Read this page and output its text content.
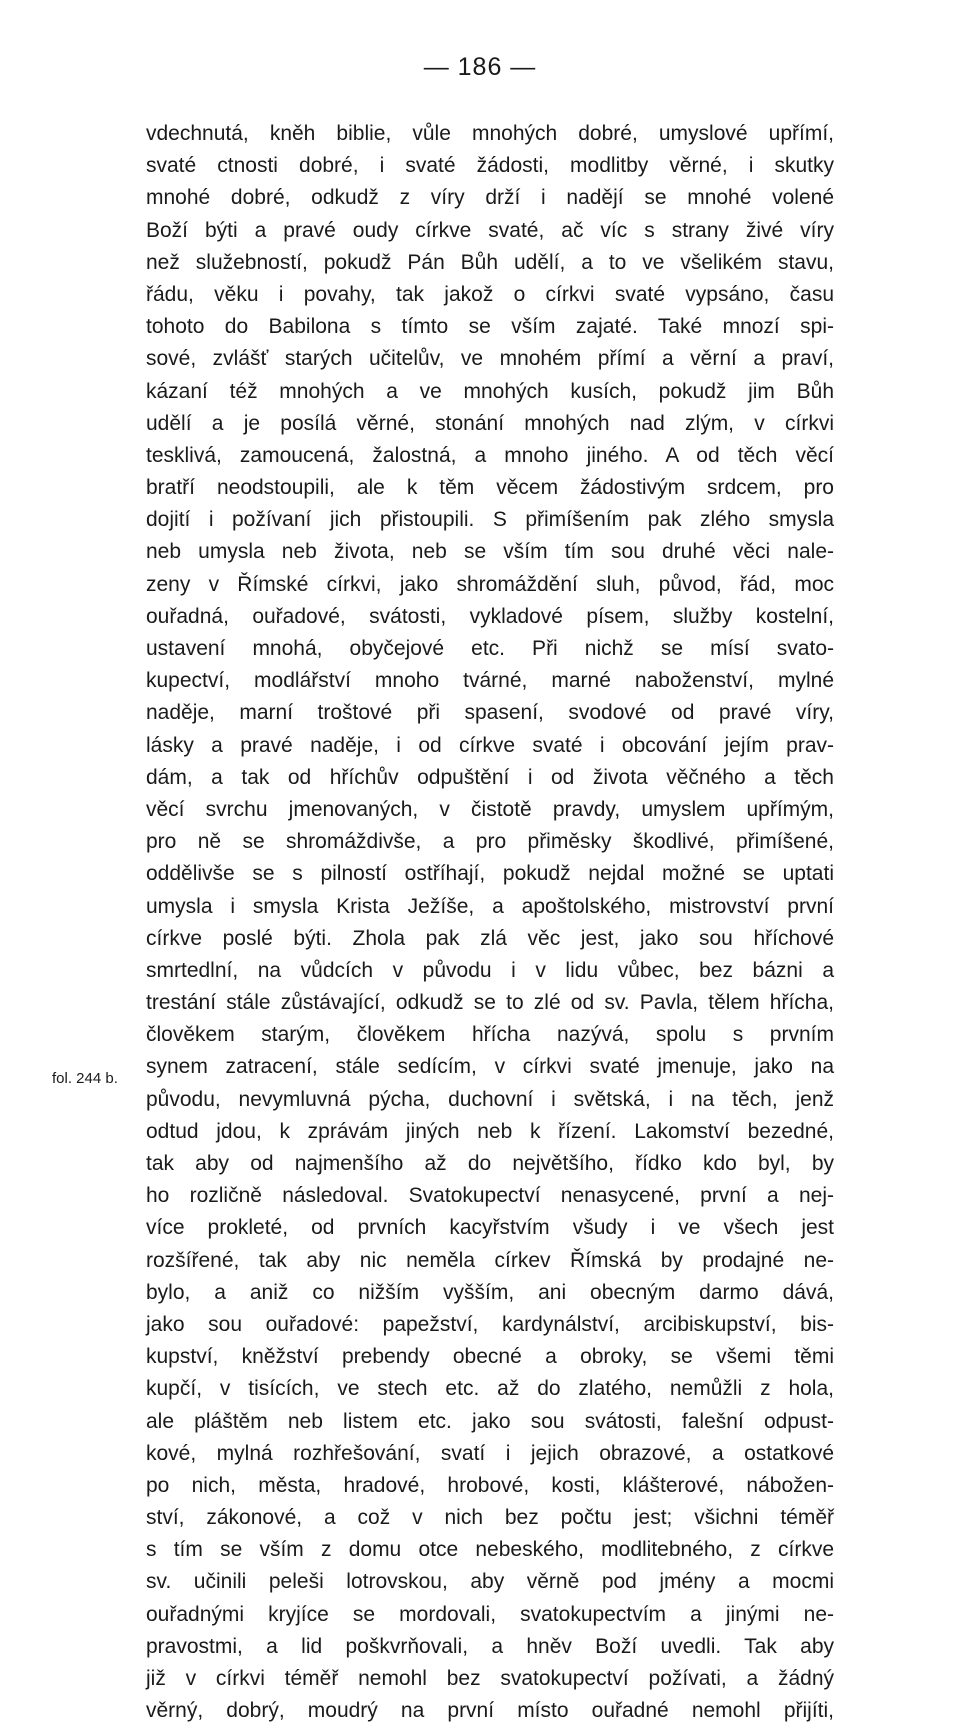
— 186 —
fol. 244 b.
vdechnutá, kněh biblie, vůle mnohých dobré, umyslové upřímí,
svaté ctnosti dobré, i svaté žádosti, modlitby věrné, i skutky
mnohé dobré, odkudž z víry drží i nadějí se mnohé volené
Boží býti a pravé oudy církve svaté, ač víc s strany živé víry
než služebností, pokudž Pán Bůh udělí, a to ve všelikém stavu,
řádu, věku i povahy, tak jakož o církvi svaté vypsáno, času
tohoto do Babilona s tímto se vším zajaté. Také mnozí spi-
sové, zvlášť starých učitelův, ve mnohém přímí a věrní a praví,
kázaní též mnohých a ve mnohých kusích, pokudž jim Bůh
udělí a je posílá věrné, stonání mnohých nad zlým, v církvi
tesklivá, zamoucená, žalostná, a mnoho jiného. A od těch věcí
bratří neodstoupili, ale k těm věcem žádostivým srdcem, pro
dojití i požívaní jich přistoupili. S přimíšením pak zlého smysla
neb umysla neb života, neb se vším tím sou druhé věci nale-
zeny v Římské církvi, jako shromáždění sluh, původ, řád, moc
ouřadná, ouřadové, svátosti, vykladové písem, služby kostelní,
ustavení mnohá, obyčejové etc. Při nichž se mísí svato-
kupectví, modlářství mnoho tvárné, marné naboženství, mylné
naděje, marní troštové při spasení, svodové od pravé víry,
lásky a pravé naděje, i od církve svaté i obcování jejím prav-
dám, a tak od hříchův odpuštění i od života věčného a těch
věcí svrchu jmenovaných, v čistotě pravdy, umyslem upřímým,
pro ně se shromáždivše, a pro přiměsky škodlivé, přimíšené,
oddělivše se s pilností ostříhají, pokudž nejdal možné se uptati
umysla i smysla Krista Ježíše, a apoštolského, mistrovství první
církve poslé býti. Zhola pak zlá věc jest, jako sou hříchové
smrtedlní, na vůdcích v původu i v lidu vůbec, bez bázni a
trestání stále zůstávající, odkudž se to zlé od sv. Pavla, tělem hřícha,
člověkem starým, člověkem hřícha nazývá, spolu s prvním
synem zatracení, stále sedícím, v církvi svaté jmenuje, jako na
původu, nevymluvná pýcha, duchovní i světská, i na těch, jenž
odtud jdou, k zprávám jiných neb k řízení. Lakomství bezedné,
tak aby od najmenšího až do největšího, řídko kdo byl, by
ho rozličně následoval. Svatokupectví nenasycené, první a nej-
více prokleté, od prvních kacyřstvím všudy i ve všech jest
rozšířené, tak aby nic neměla církev Římská by prodajné ne-
bylo, a aniž co nižším vyšším, ani obecným darmo dává,
jako sou ouřadové: papežství, kardynálství, arcibiskupství, bis-
kupství, kněžství prebendy obecné a obroky, se všemi těmi
kupčí, v tisících, ve stech etc. až do zlatého, nemůžli z hola,
ale pláštěm neb listem etc. jako sou svátosti, falešní odpust-
kové, mylná rozhřešování, svatí i jejich obrazové, a ostatkové
po nich, města, hradové, hrobové, kosti, klášterové, nábožen-
ství, zákonové, a což v nich bez počtu jest; všichni téměř
s tím se vším z domu otce nebeského, modlitebného, z církve
sv. učinili peleši lotrovskou, aby věrně pod jmény a mocmi
ouřadnými kryjíce se mordovali, svatokupectvím a jinými ne-
pravostmi, a lid poškvrňovali, a hněv Boží uvedli. Tak aby
již v církvi téměř nemohl bez svatokupectví požívati, a žádný
věrný, dobrý, moudrý na první místo ouřadné nemohl přijíti,
